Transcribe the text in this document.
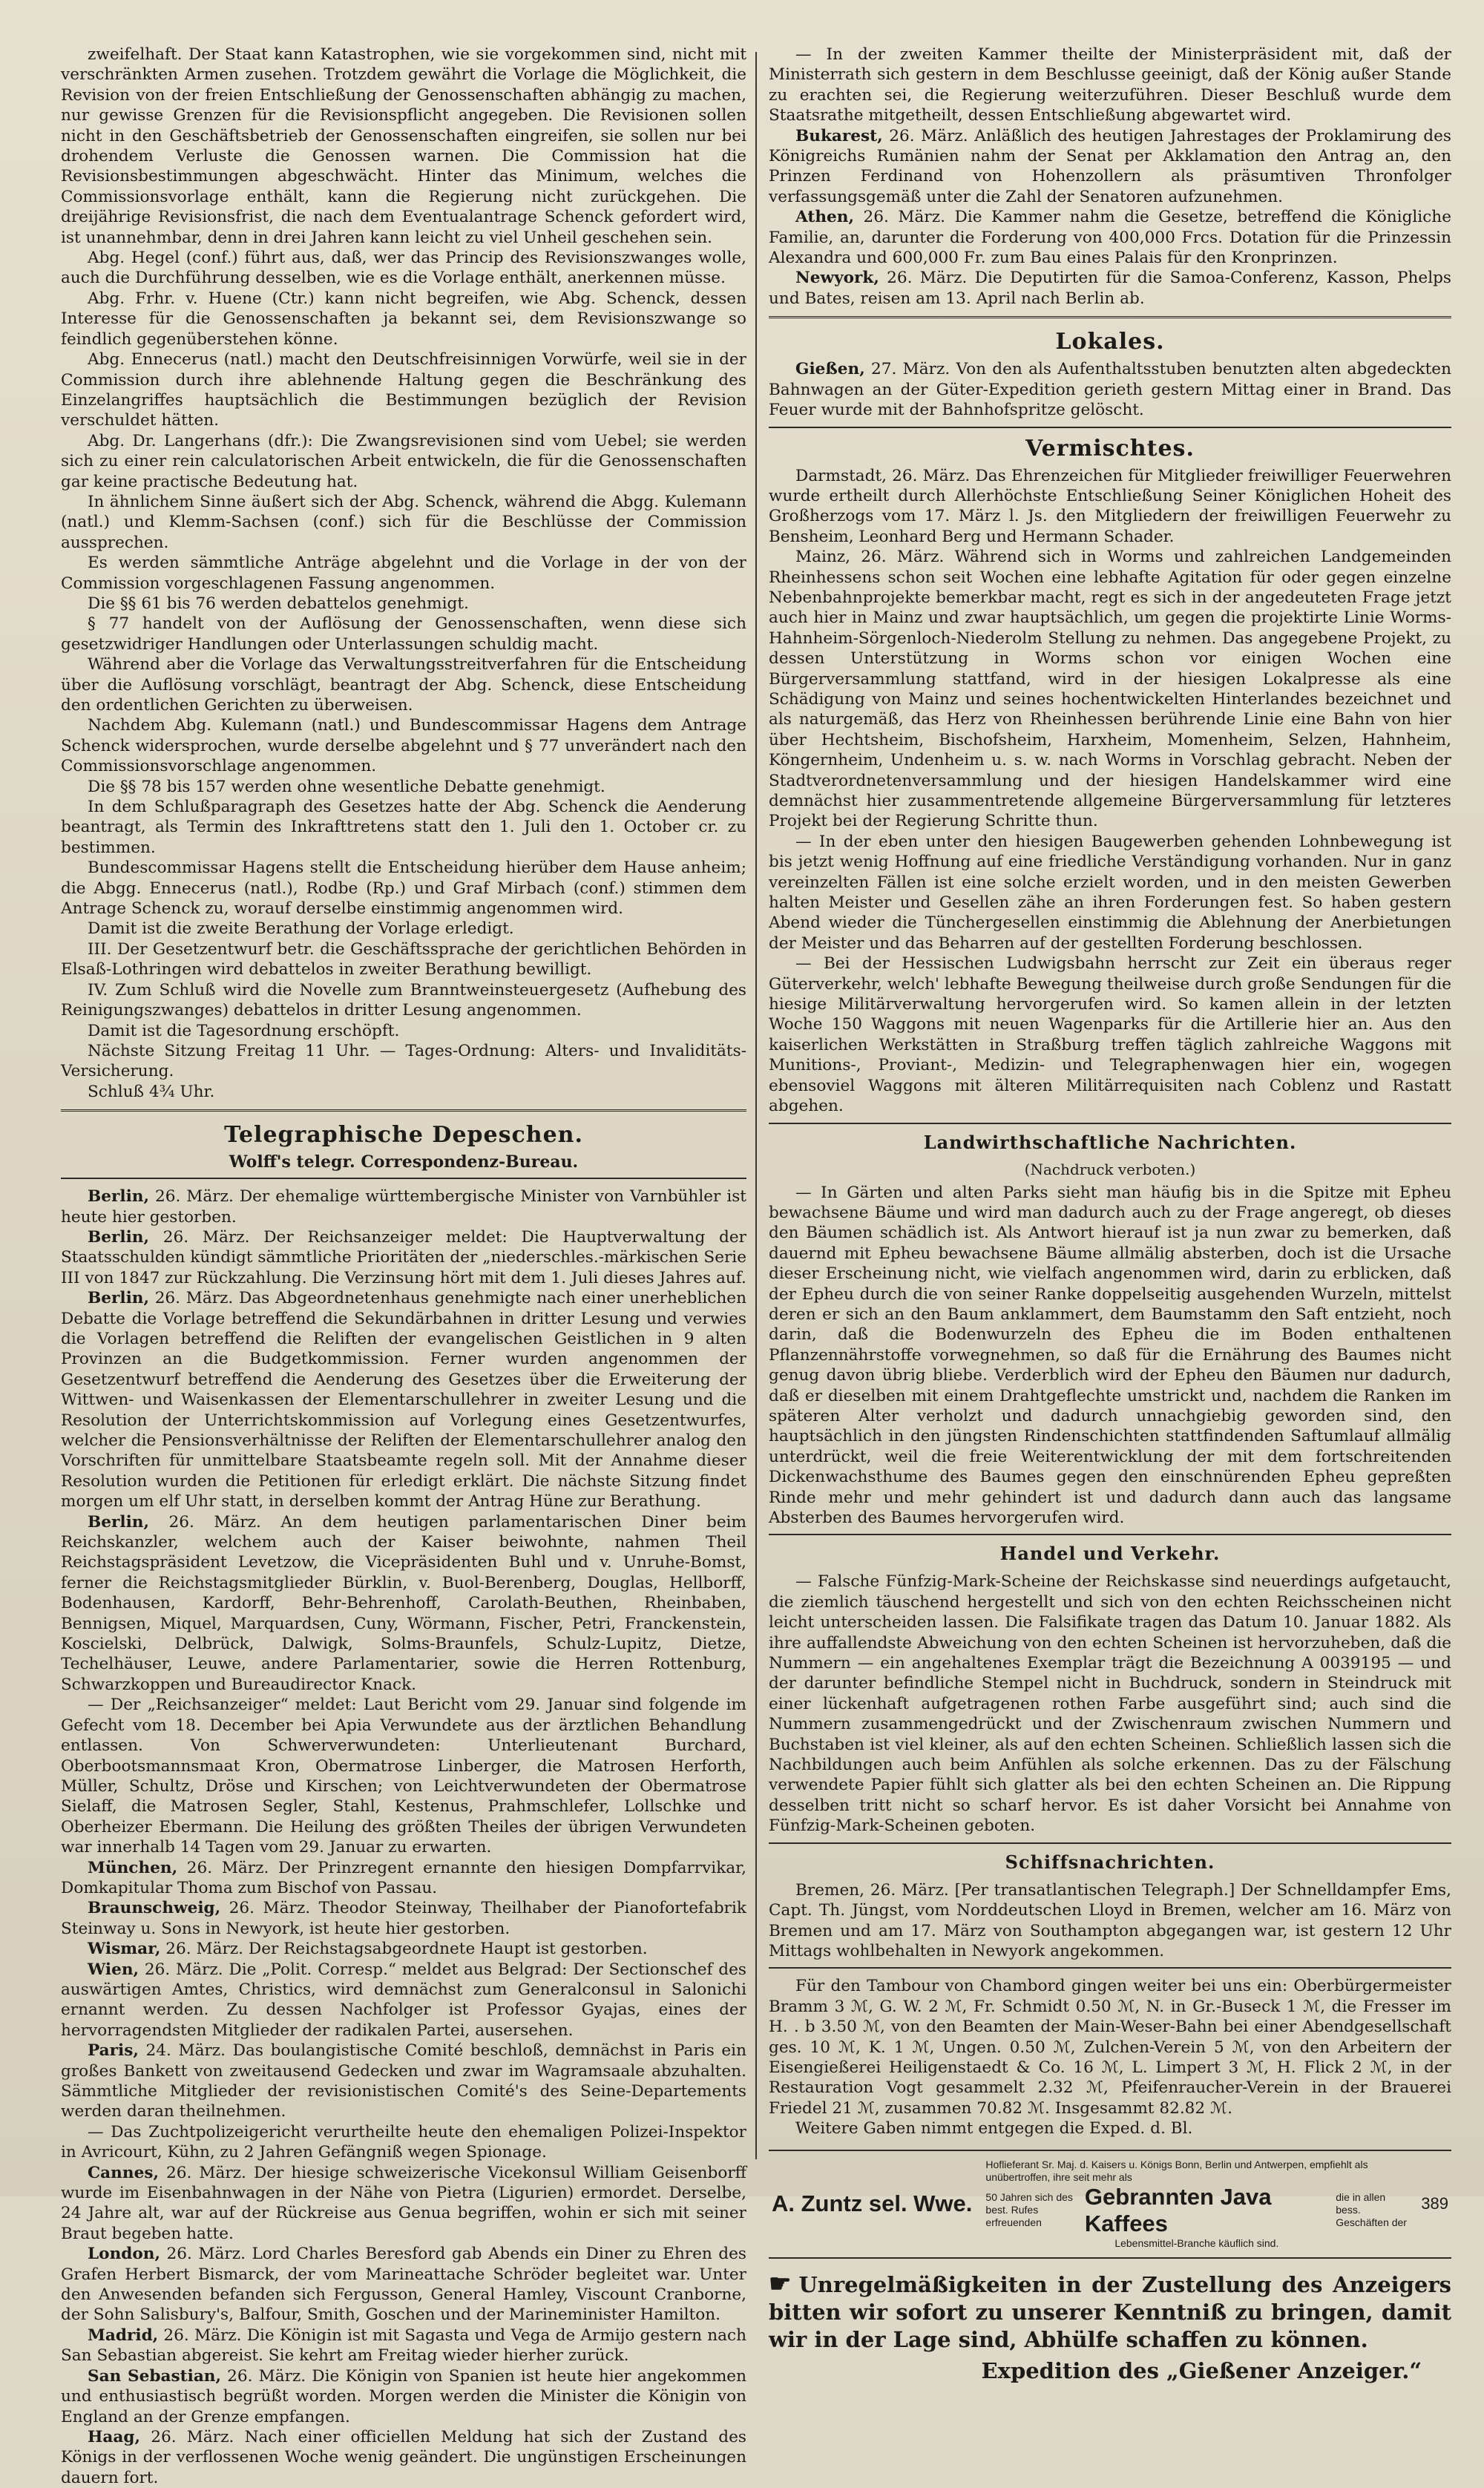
zweifelhaft. Der Staat kann Katastrophen, wie sie vorgekommen sind, nicht mit verschränkten Armen zusehen. Trotzdem gewährt die Vorlage die Möglichkeit, die Revision von der freien Entschließung der Genossenschaften abhängig zu machen, nur gewisse Grenzen für die Revisionspflicht angegeben. Die Revisionen sollen nicht in den Geschäftsbetrieb der Genossenschaften eingreifen, sie sollen nur bei drohendem Verluste die Genossen warnen. Die Commission hat die Revisionsbestimmungen abgeschwächt. Hinter das Minimum, welches die Commissionsvorlage enthält, kann die Regierung nicht zurückgehen. Die dreijährige Revisionsfrist, die nach dem Eventualantrage Schenck gefordert wird, ist unannehmbar, denn in drei Jahren kann leicht zu viel Unheil geschehen sein.

Abg. Hegel (conf.) führt aus, daß, wer das Princip des Revisionszwanges wolle, auch die Durchführung desselben, wie es die Vorlage enthält, anerkennen müsse.

Abg. Frhr. v. Huene (Ctr.) kann nicht begreifen, wie Abg. Schenck, dessen Interesse für die Genossenschaften ja bekannt sei, dem Revisionszwange so feindlich gegenüberstehen könne.

Abg. Ennecerus (natl.) macht den Deutschfreisinnigen Vorwürfe, weil sie in der Commission durch ihre ablehnende Haltung gegen die Beschränkung des Einzelangriffes hauptsächlich die Bestimmungen bezüglich der Revision verschuldet hätten.

Abg. Dr. Langerhans (dfr.): Die Zwangsrevisionen sind vom Uebel; sie werden sich zu einer rein calculatorischen Arbeit entwickeln, die für die Genossenschaften gar keine practische Bedeutung hat.

In ähnlichem Sinne äußert sich der Abg. Schenck, während die Abgg. Kulemann (natl.) und Klemm-Sachsen (conf.) sich für die Beschlüsse der Commission aussprechen.

Es werden sämmtliche Anträge abgelehnt und die Vorlage in der von der Commission vorgeschlagenen Fassung angenommen.

Die §§ 61 bis 76 werden debattelos genehmigt.

§ 77 handelt von der Auflösung der Genossenschaften, wenn diese sich gesetzwidriger Handlungen oder Unterlassungen schuldig macht.

Während aber die Vorlage das Verwaltungsstreitverfahren für die Entscheidung über die Auflösung vorschlägt, beantragt der Abg. Schenck, diese Entscheidung den ordentlichen Gerichten zu überweisen.

Nachdem Abg. Kulemann (natl.) und Bundescommissar Hagens dem Antrage Schenck widersprochen, wurde derselbe abgelehnt und § 77 unverändert nach den Commissionsvorschlage angenommen.

Die §§ 78 bis 157 werden ohne wesentliche Debatte genehmigt.

In dem Schlußparagraph des Gesetzes hatte der Abg. Schenck die Aenderung beantragt, als Termin des Inkrafttretens statt den 1. Juli den 1. October cr. zu bestimmen.

Bundescommissar Hagens stellt die Entscheidung hierüber dem Hause anheim; die Abgg. Ennecerus (natl.), Rodbe (Rp.) und Graf Mirbach (conf.) stimmen dem Antrage Schenck zu, worauf derselbe einstimmig angenommen wird.

Damit ist die zweite Berathung der Vorlage erledigt.

III. Der Gesetzentwurf betr. die Geschäftssprache der gerichtlichen Behörden in Elsaß-Lothringen wird debattelos in zweiter Berathung bewilligt.

IV. Zum Schluß wird die Novelle zum Branntweinsteuergesetz (Aufhebung des Reinigungszwanges) debattelos in dritter Lesung angenommen.

Damit ist die Tagesordnung erschöpft.

Nächste Sitzung Freitag 11 Uhr. — Tages-Ordnung: Alters- und Invaliditäts-Versicherung.

Schluß 4¾ Uhr.

Telegraphische Depeschen.
Wolff's telegr. Correspondenz-Bureau.

Berlin, 26. März. Der ehemalige württembergische Minister von Varnbühler ist heute hier gestorben.

Berlin, 26. März. Der Reichsanzeiger meldet: Die Hauptverwaltung der Staatsschulden kündigt sämmtliche Prioritäten der „niederschles.-märkischen Serie III von 1847 zur Rückzahlung. Die Verzinsung hört mit dem 1. Juli dieses Jahres auf.

Berlin, 26. März. Das Abgeordnetenhaus genehmigte nach einer unerheblichen Debatte die Vorlage betreffend die Sekundärbahnen in dritter Lesung und verwies die Vorlagen betreffend die Reliften der evangelischen Geistlichen in 9 alten Provinzen an die Budgetkommission. Ferner wurden angenommen der Gesetzentwurf betreffend die Aenderung des Gesetzes über die Erweiterung der Wittwen- und Waisenkassen der Elementarschullehrer in zweiter Lesung und die Resolution der Unterrichtskommission auf Vorlegung eines Gesetzentwurfes, welcher die Pensionsverhältnisse der Reliften der Elementarschullehrer analog den Vorschriften für unmittelbare Staatsbeamte regeln soll. Mit der Annahme dieser Resolution wurden die Petitionen für erledigt erklärt. Die nächste Sitzung findet morgen um elf Uhr statt, in derselben kommt der Antrag Hüne zur Berathung.

Berlin, 26. März. An dem heutigen parlamentarischen Diner beim Reichskanzler, welchem auch der Kaiser beiwohnte, nahmen Theil Reichstagspräsident Levetzow, die Vicepräsidenten Buhl und v. Unruhe-Bomst, ferner die Reichstagsmitglieder Bürklin, v. Buol-Berenberg, Douglas, Hellborff, Bodenhausen, Kardorff, Behr-Behrenhoff, Carolath-Beuthen, Rheinbaben, Bennigsen, Miquel, Marquardsen, Cuny, Wörmann, Fischer, Petri, Franckenstein, Koscielski, Delbrück, Dalwigk, Solms-Braunfels, Schulz-Lupitz, Dietze, Techelhäuser, Leuwe, andere Parlamentarier, sowie die Herren Rottenburg, Schwarzkoppen und Bureaudirector Knack.

— Der „Reichsanzeiger“ meldet: Laut Bericht vom 29. Januar sind folgende im Gefecht vom 18. December bei Apia Verwundete aus der ärztlichen Behandlung entlassen. Von Schwerverwundeten: Unterlieutenant Burchard, Oberbootsmannsmaat Kron, Obermatrose Linberger, die Matrosen Herforth, Müller, Schultz, Dröse und Kirschen; von Leichtverwundeten der Obermatrose Sielaff, die Matrosen Segler, Stahl, Kestenus, Prahmschlefer, Lollschke und Oberheizer Ebermann. Die Heilung des größten Theiles der übrigen Verwundeten war innerhalb 14 Tagen vom 29. Januar zu erwarten.

München, 26. März. Der Prinzregent ernannte den hiesigen Dompfarrvikar, Domkapitular Thoma zum Bischof von Passau.

Braunschweig, 26. März. Theodor Steinway, Theilhaber der Pianofortefabrik Steinway u. Sons in Newyork, ist heute hier gestorben.

Wismar, 26. März. Der Reichstagsabgeordnete Haupt ist gestorben.

Wien, 26. März. Die „Polit. Corresp.“ meldet aus Belgrad: Der Sectionschef des auswärtigen Amtes, Christics, wird demnächst zum Generalconsul in Salonichi ernannt werden. Zu dessen Nachfolger ist Professor Gyajas, eines der hervorragendsten Mitglieder der radikalen Partei, ausersehen.

Paris, 24. März. Das boulangistische Comité beschloß, demnächst in Paris ein großes Bankett von zweitausend Gedecken und zwar im Wagramsaale abzuhalten. Sämmtliche Mitglieder der revisionistischen Comité's des Seine-Departements werden daran theilnehmen.

— Das Zuchtpolizeigericht verurtheilte heute den ehemaligen Polizei-Inspektor in Avricourt, Kühn, zu 2 Jahren Gefängniß wegen Spionage.

Cannes, 26. März. Der hiesige schweizerische Vicekonsul William Geisenborff wurde im Eisenbahnwagen in der Nähe von Pietra (Ligurien) ermordet. Derselbe, 24 Jahre alt, war auf der Rückreise aus Genua begriffen, wohin er sich mit seiner Braut begeben hatte.

London, 26. März. Lord Charles Beresford gab Abends ein Diner zu Ehren des Grafen Herbert Bismarck, der vom Marineattache Schröder begleitet war. Unter den Anwesenden befanden sich Fergusson, General Hamley, Viscount Cranborne, der Sohn Salisbury's, Balfour, Smith, Goschen und der Marineminister Hamilton.

Madrid, 26. März. Die Königin ist mit Sagasta und Vega de Armijo gestern nach San Sebastian abgereist. Sie kehrt am Freitag wieder hierher zurück.

San Sebastian, 26. März. Die Königin von Spanien ist heute hier angekommen und enthusiastisch begrüßt worden. Morgen werden die Minister die Königin von England an der Grenze empfangen.

Haag, 26. März. Nach einer officiellen Meldung hat sich der Zustand des Königs in der verflossenen Woche wenig geändert. Die ungünstigen Erscheinungen dauern fort.

— In der zweiten Kammer theilte der Ministerpräsident mit, daß der Ministerrath sich gestern in dem Beschlusse geeinigt, daß der König außer Stande zu erachten sei, die Regierung weiterzuführen. Dieser Beschluß wurde dem Staatsrathe mitgetheilt, dessen Entschließung abgewartet wird.

Bukarest, 26. März. Anläßlich des heutigen Jahrestages der Proklamirung des Königreichs Rumänien nahm der Senat per Akklamation den Antrag an, den Prinzen Ferdinand von Hohenzollern als präsumtiven Thronfolger verfassungsgemäß unter die Zahl der Senatoren aufzunehmen.

Athen, 26. März. Die Kammer nahm die Gesetze, betreffend die Königliche Familie, an, darunter die Forderung von 400,000 Frcs. Dotation für die Prinzessin Alexandra und 600,000 Fr. zum Bau eines Palais für den Kronprinzen.

Newyork, 26. März. Die Deputirten für die Samoa-Conferenz, Kasson, Phelps und Bates, reisen am 13. April nach Berlin ab.

Lokales.

Gießen, 27. März. Von den als Aufenthaltsstuben benutzten alten abgedeckten Bahnwagen an der Güter-Expedition gerieth gestern Mittag einer in Brand. Das Feuer wurde mit der Bahnhofspritze gelöscht.

Vermischtes.

Darmstadt, 26. März. Das Ehrenzeichen für Mitglieder freiwilliger Feuerwehren wurde ertheilt durch Allerhöchste Entschließung Seiner Königlichen Hoheit des Großherzogs vom 17. März l. Js. den Mitgliedern der freiwilligen Feuerwehr zu Bensheim, Leonhard Berg und Hermann Schader.

Mainz, 26. März. Während sich in Worms und zahlreichen Landgemeinden Rheinhessens schon seit Wochen eine lebhafte Agitation für oder gegen einzelne Nebenbahnprojekte bemerkbar macht, regt es sich in der angedeuteten Frage jetzt auch hier in Mainz und zwar hauptsächlich, um gegen die projektirte Linie Worms-Hahnheim-Sörgenloch-Niederolm Stellung zu nehmen. Das angegebene Projekt, zu dessen Unterstützung in Worms schon vor einigen Wochen eine Bürgerversammlung stattfand, wird in der hiesigen Lokalpresse als eine Schädigung von Mainz und seines hochentwickelten Hinterlandes bezeichnet und als naturgemäß, das Herz von Rheinhessen berührende Linie eine Bahn von hier über Hechtsheim, Bischofsheim, Harxheim, Momenheim, Selzen, Hahnheim, Köngernheim, Undenheim u. s. w. nach Worms in Vorschlag gebracht. Neben der Stadtverordnetenversammlung und der hiesigen Handelskammer wird eine demnächst hier zusammentretende allgemeine Bürgerversammlung für letzteres Projekt bei der Regierung Schritte thun.

— In der eben unter den hiesigen Baugewerben gehenden Lohnbewegung ist bis jetzt wenig Hoffnung auf eine friedliche Verständigung vorhanden. Nur in ganz vereinzelten Fällen ist eine solche erzielt worden, und in den meisten Gewerben halten Meister und Gesellen zähe an ihren Forderungen fest. So haben gestern Abend wieder die Tünchergesellen einstimmig die Ablehnung der Anerbietungen der Meister und das Beharren auf der gestellten Forderung beschlossen.

— Bei der Hessischen Ludwigsbahn herrscht zur Zeit ein überaus reger Güterverkehr, welch' lebhafte Bewegung theilweise durch große Sendungen für die hiesige Militärverwaltung hervorgerufen wird. So kamen allein in der letzten Woche 150 Waggons mit neuen Wagenparks für die Artillerie hier an. Aus den kaiserlichen Werkstätten in Straßburg treffen täglich zahlreiche Waggons mit Munitions-, Proviant-, Medizin- und Telegraphenwagen hier ein, wogegen ebensoviel Waggons mit älteren Militärrequisiten nach Coblenz und Rastatt abgehen.

Landwirthschaftliche Nachrichten.
(Nachdruck verboten.)

— In Gärten und alten Parks sieht man häufig bis in die Spitze mit Epheu bewachsene Bäume und wird man dadurch auch zu der Frage angeregt, ob dieses den Bäumen schädlich ist. Als Antwort hierauf ist ja nun zwar zu bemerken, daß dauernd mit Epheu bewachsene Bäume allmälig absterben, doch ist die Ursache dieser Erscheinung nicht, wie vielfach angenommen wird, darin zu erblicken, daß der Epheu durch die von seiner Ranke doppelseitig ausgehenden Wurzeln, mittelst deren er sich an den Baum anklammert, dem Baumstamm den Saft entzieht, noch darin, daß die Bodenwurzeln des Epheu die im Boden enthaltenen Pflanzennährstoffe vorwegnehmen, so daß für die Ernährung des Baumes nicht genug davon übrig bliebe. Verderblich wird der Epheu den Bäumen nur dadurch, daß er dieselben mit einem Drahtgeflechte umstrickt und, nachdem die Ranken im späteren Alter verholzt und dadurch unnachgiebig geworden sind, den hauptsächlich in den jüngsten Rindenschichten stattfindenden Saftumlauf allmälig unterdrückt, weil die freie Weiterentwicklung der mit dem fortschreitenden Dickenwachsthume des Baumes gegen den einschnürenden Epheu gepreßten Rinde mehr und mehr gehindert ist und dadurch dann auch das langsame Absterben des Baumes hervorgerufen wird.

Handel und Verkehr.

— Falsche Fünfzig-Mark-Scheine der Reichskasse sind neuerdings aufgetaucht, die ziemlich täuschend hergestellt und sich von den echten Reichsscheinen nicht leicht unterscheiden lassen. Die Falsifikate tragen das Datum 10. Januar 1882. Als ihre auffallendste Abweichung von den echten Scheinen ist hervorzuheben, daß die Nummern — ein angehaltenes Exemplar trägt die Bezeichnung A 0039195 — und der darunter befindliche Stempel nicht in Buchdruck, sondern in Steindruck mit einer lückenhaft aufgetragenen rothen Farbe ausgeführt sind; auch sind die Nummern zusammengedrückt und der Zwischenraum zwischen Nummern und Buchstaben ist viel kleiner, als auf den echten Scheinen. Schließlich lassen sich die Nachbildungen auch beim Anfühlen als solche erkennen. Das zu der Fälschung verwendete Papier fühlt sich glatter als bei den echten Scheinen an. Die Rippung desselben tritt nicht so scharf hervor. Es ist daher Vorsicht bei Annahme von Fünfzig-Mark-Scheinen geboten.

Schiffsnachrichten.

Bremen, 26. März. [Per transatlantischen Telegraph.] Der Schnelldampfer Ems, Capt. Th. Jüngst, vom Norddeutschen Lloyd in Bremen, welcher am 16. März von Bremen und am 17. März von Southampton abgegangen war, ist gestern 12 Uhr Mittags wohlbehalten in Newyork angekommen.

Für den Tambour von Chambord gingen weiter bei uns ein: Oberbürgermeister Bramm 3 ℳ, G. W. 2 ℳ, Fr. Schmidt 0.50 ℳ, N. in Gr.-Buseck 1 ℳ, die Fresser im H. . b 3.50 ℳ, von den Beamten der Main-Weser-Bahn bei einer Abendgesellschaft ges. 10 ℳ, K. 1 ℳ, Ungen. 0.50 ℳ, Zulchen-Verein 5 ℳ, von den Arbeitern der Eisengießerei Heiligenstaedt & Co. 16 ℳ, L. Limpert 3 ℳ, H. Flick 2 ℳ, in der Restauration Vogt gesammelt 2.32 ℳ, Pfeifenraucher-Verein in der Brauerei Friedel 21 ℳ, zusammen 70.82 ℳ. Insgesammt 82.82 ℳ.

Weitere Gaben nimmt entgegen die Exped. d. Bl.

A. Zuntz sel. Wwe.
Hoflieferant Sr. Maj. d. Kaisers u. Königs Bonn, Berlin und Antwerpen, empfiehlt als unübertroffen, ihre seit mehr als
50 Jahren sich des best. Rufes erfreuenden
Gebrannten Java Kaffees
die in allen bess. Geschäften der
Lebensmittel-Branche käuflich sind.
389
☛ Unregelmäßigkeiten in der Zustellung des Anzeigers bitten wir sofort zu unserer Kenntniß zu bringen, damit wir in der Lage sind, Abhülfe schaffen zu können.
Expedition des „Gießener Anzeiger.“
